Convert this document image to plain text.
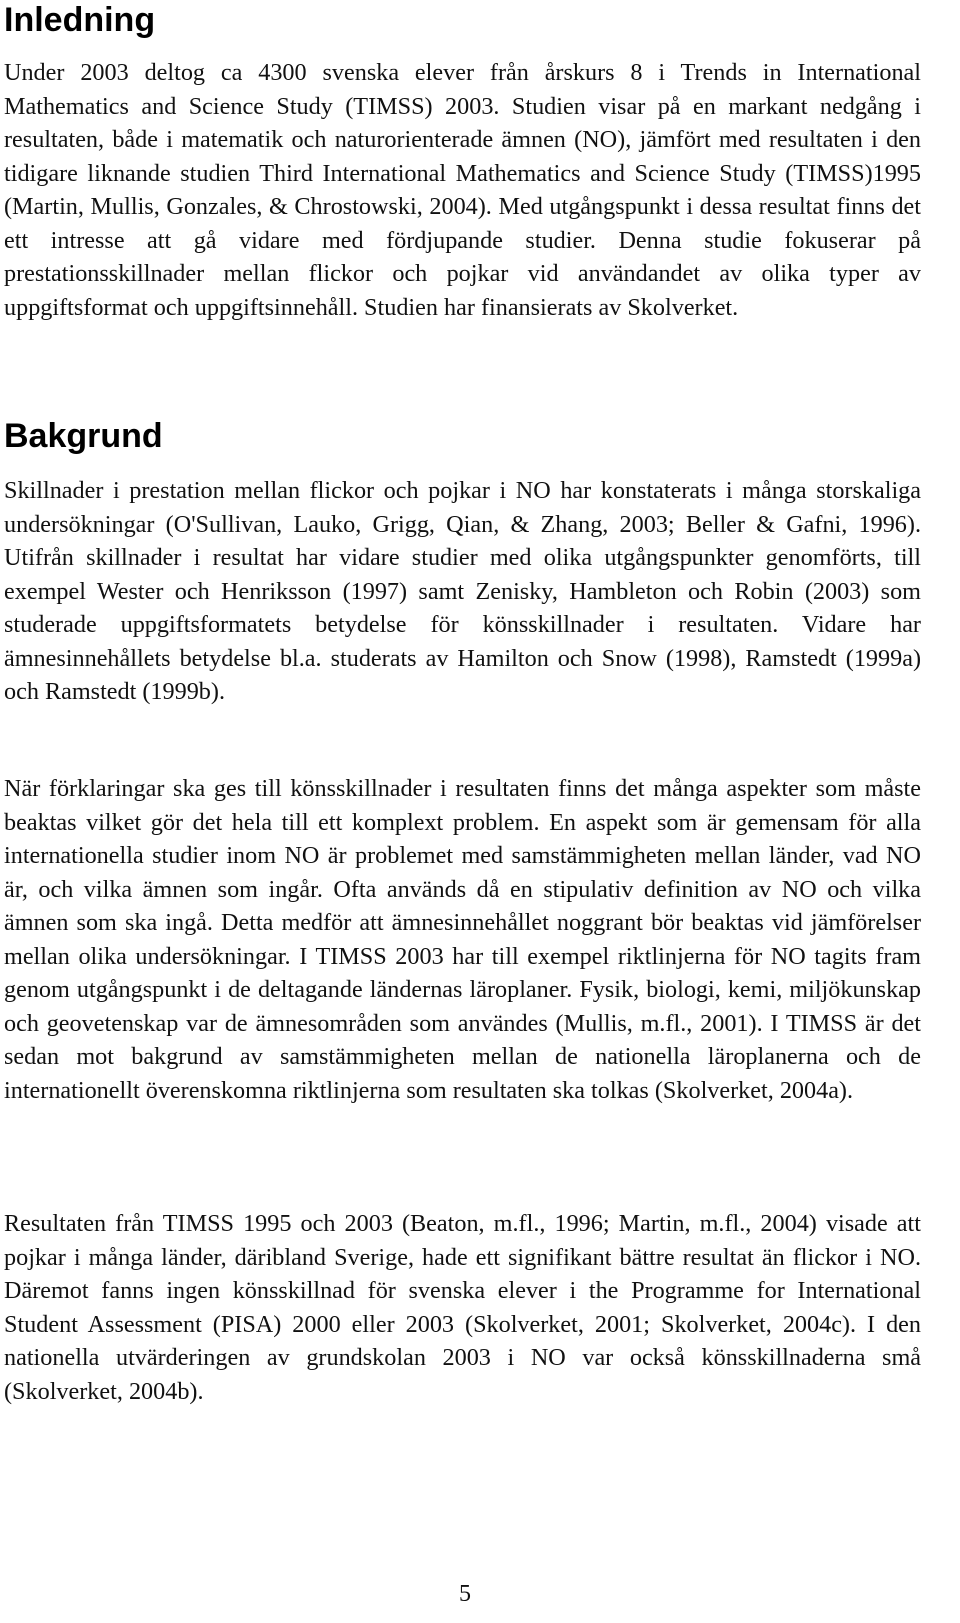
Inledning

Under 2003 deltog ca 4300 svenska elever från årskurs 8 i Trends in International Mathematics and Science Study (TIMSS) 2003. Studien visar på en markant nedgång i resultaten, både i matematik och naturorienterade ämnen (NO), jämfört med resultaten i den tidigare liknande studien Third International Mathematics and Science Study (TIMSS)1995 (Martin, Mullis, Gonzales, & Chrostowski, 2004). Med utgångspunkt i dessa resultat finns det ett intresse att gå vidare med fördjupande studier. Denna studie fokuserar på prestationsskillnader mellan flickor och pojkar vid användandet av olika typer av uppgiftsformat och uppgiftsinnehåll. Studien har finansierats av Skolverket.

Bakgrund

Skillnader i prestation mellan flickor och pojkar i NO har konstaterats i många storskaliga undersökningar (O'Sullivan, Lauko, Grigg, Qian, & Zhang, 2003; Beller & Gafni, 1996). Utifrån skillnader i resultat har vidare studier med olika utgångspunkter genomförts, till exempel Wester och Henriksson (1997) samt Zenisky, Hambleton och Robin (2003) som studerade uppgiftsformatets betydelse för könsskillnader i resultaten. Vidare har ämnesinnehållets betydelse bl.a. studerats av Hamilton och Snow (1998), Ramstedt (1999a) och Ramstedt (1999b).

När förklaringar ska ges till könsskillnader i resultaten finns det många aspekter som måste beaktas vilket gör det hela till ett komplext problem. En aspekt som är gemensam för alla internationella studier inom NO är problemet med samstämmigheten mellan länder, vad NO är, och vilka ämnen som ingår. Ofta används då en stipulativ definition av NO och vilka ämnen som ska ingå. Detta medför att ämnesinnehållet noggrant bör beaktas vid jämförelser mellan olika undersökningar. I TIMSS 2003 har till exempel riktlinjerna för NO tagits fram genom utgångspunkt i de deltagande ländernas läroplaner. Fysik, biologi, kemi, miljökunskap och geovetenskap var de ämnesområden som användes (Mullis, m.fl., 2001). I TIMSS är det sedan mot bakgrund av samstämmigheten mellan de nationella läroplanerna och de internationellt överenskomna riktlinjerna som resultaten ska tolkas (Skolverket, 2004a).

Resultaten från TIMSS 1995 och 2003 (Beaton, m.fl., 1996; Martin, m.fl., 2004) visade att pojkar i många länder, däribland Sverige, hade ett signifikant bättre resultat än flickor i NO. Däremot fanns ingen könsskillnad för svenska elever i the Programme for International Student Assessment (PISA) 2000 eller 2003 (Skolverket, 2001; Skolverket, 2004c). I den nationella utvärderingen av grundskolan 2003 i NO var också könsskillnaderna små (Skolverket, 2004b).

5
